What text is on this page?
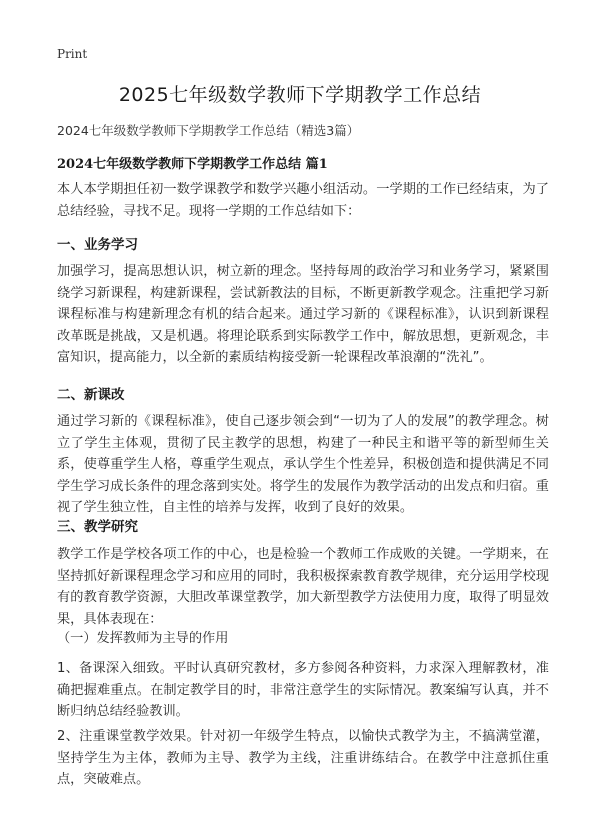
Print
2025七年级数学教师下学期教学工作总结
2024七年级数学教师下学期教学工作总结（精选3篇）
2024七年级数学教师下学期教学工作总结 篇1

本人本学期担任初一数学课教学和数学兴趣小组活动。一学期的工作已经结束，为了总结经验，寻找不足。现将一学期的工作总结如下：

一、业务学习

加强学习，提高思想认识，树立新的理念。坚持每周的政治学习和业务学习，紧紧围绕学习新课程，构建新课程，尝试新教法的目标，不断更新教学观念。注重把学习新课程标准与构建新理念有机的结合起来。通过学习新的《课程标准》，认识到新课程改革既是挑战，又是机遇。将理论联系到实际教学工作中，解放思想，更新观念，丰富知识，提高能力，以全新的素质结构接受新一轮课程改革浪潮的“洗礼”。

二、新课改

通过学习新的《课程标准》，使自己逐步领会到“一切为了人的发展”的教学理念。树立了学生主体观，贯彻了民主教学的思想，构建了一种民主和谐平等的新型师生关系，使尊重学生人格，尊重学生观点，承认学生个性差异，积极创造和提供满足不同学生学习成长条件的理念落到实处。将学生的发展作为教学活动的出发点和归宿。重视了学生独立性，自主性的培养与发挥，收到了良好的效果。

三、教学研究

教学工作是学校各项工作的中心，也是检验一个教师工作成败的关键。一学期来，在坚持抓好新课程理念学习和应用的同时，我积极探索教育教学规律，充分运用学校现有的教育教学资源，大胆改革课堂教学，加大新型教学方法使用力度，取得了明显效果，具体表现在：

（一）发挥教师为主导的作用

1、备课深入细致。平时认真研究教材，多方参阅各种资料，力求深入理解教材，准确把握难重点。在制定教学目的时，非常注意学生的实际情况。教案编写认真，并不断归纳总结经验教训。

2、注重课堂教学效果。针对初一年级学生特点，以愉快式教学为主，不搞满堂灌，坚持学生为主体，教师为主导、教学为主线，注重讲练结合。在教学中注意抓住重点，突破难点。
